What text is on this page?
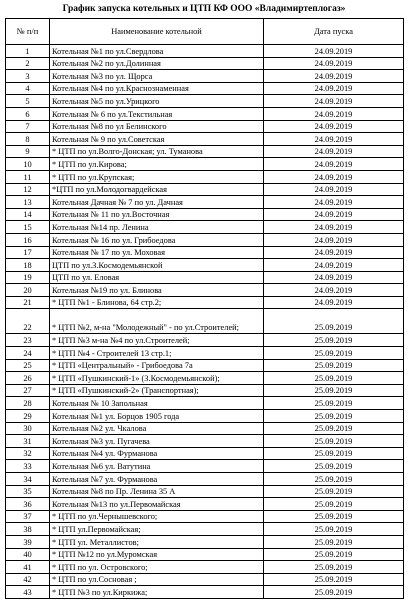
График запуска котельных и ЦТП КФ ООО «Владимиртеплогаз»
№ п/п	Наименование котельной	Дата пуска
1	Котельная №1 по ул.Свердлова	24.09.2019
2	Котельная №2 по ул.Долинная	24.09.2019
3	Котельная №3 по ул. Щорса	24.09.2019
4	Котельная №4 по ул.Краснознаменная	24.09.2019
5	Котельная №5 по ул.Урицкого	24.09.2019
6	Котельная № 6 по ул.Текстильная	24.09.2019
7	Котельная №8 по ул Белинского	24.09.2019
8	Котельная № 9 по ул.Советская	24.09.2019
9	* ЦТП по ул.Волго-Донская; ул. Туманова	24.09.2019
10	* ЦТП по ул.Кирова;	24.09.2019
11	* ЦТП по ул.Крупская;	24.09.2019
12	*ЦТП по ул.Молодогвардейская	24.09.2019
13	Котельная Дачная № 7 по ул. Дачная	24.09.2019
14	Котельная № 11 по ул.Восточная	24.09.2019
15	Котельная №14 пр. Ленина	24.09.2019
16	Котельная № 16 по ул. Грибоедова	24.09.2019
17	Котельная № 17 по ул. Моховая	24.09.2019
18	ЦТП по ул.З.Космодемьянской	24.09.2019
19	ЦТП по ул. Еловая	24.09.2019
20	Котельная №19 по ул. Блинова	24.09.2019
21	* ЦТП №1 - Блинова, 64 стр.2;	24.09.2019
22	* ЦТП №2, м-на "Молодежный" - по ул.Строителей;	25.09.2019
23	* ЦТП №3 м-на №4 по ул.Строителей;	25.09.2019
24	* ЦТП №4 - Строителей 13 стр.1;	25.09.2019
25	* ЦТП «Центральный» - Грибоедова 7а	25.09.2019
26	* ЦТП «Пушкинский-1» (З.Космодемьянской);	25.09.2019
27	* ЦТП «Пушкинский-2» (Транспортная);	25.09.2019
28	Котельная № 10 Запольная	25.09.2019
29	Котельная №1 ул. Борцов 1905 года	25.09.2019
30	Котельная №2 ул. Чкалова	25.09.2019
31	Котельная №3 ул. Пугачева	25.09.2019
32	Котельная №4 ул. Фурманова	25.09.2019
33	Котельная №6 ул. Ватутина	25.09.2019
34	Котельная №7 ул. Фурманова	25.09.2019
35	Котельная №8 по Пр. Ленина 35 А	25.09.2019
36	Котельная №13 по ул.Первомайская	25.09.2019
37	* ЦТП по ул.Чернышевского;	25.09.2019
38	* ЦТП ул.Первомайская;	25.09.2019
39	* ЦТП ул. Металлистов;	25.09.2019
40	* ЦТП №12 по ул.Муромская	25.09.2019
41	* ЦТП по ул. Островского;	25.09.2019
42	* ЦТП по ул.Сосновая ;	25.09.2019
43	* ЦТП №3 по ул.Киркижа;	25.09.2019
